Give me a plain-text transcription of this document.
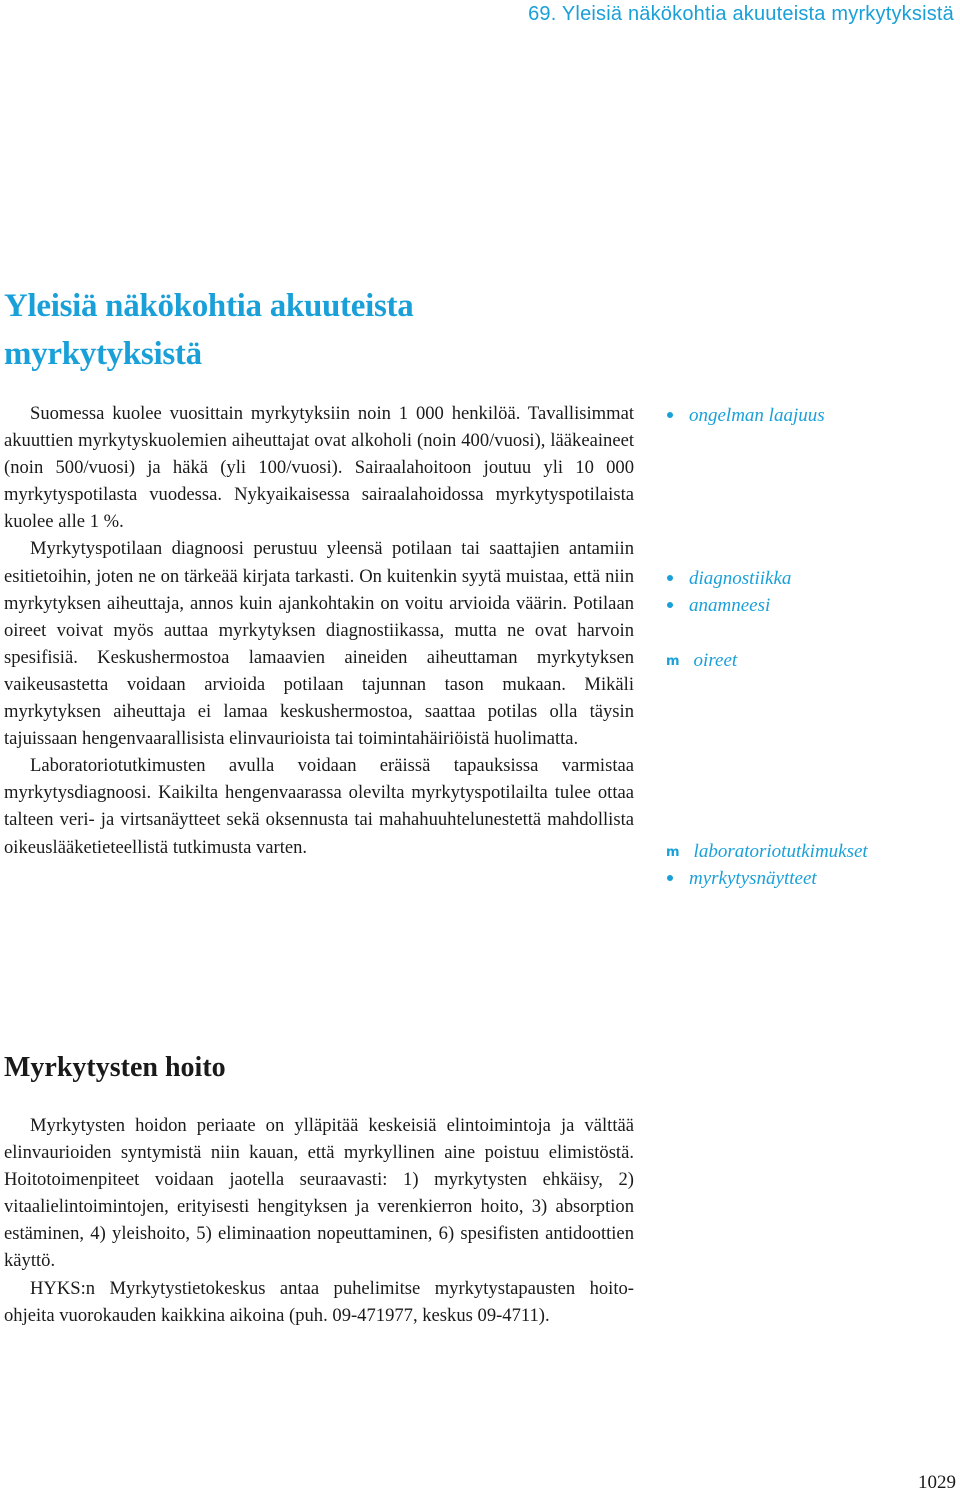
69. Yleisiä näkökohtia akuuteista myrkytyksistä
Yleisiä näkökohtia akuuteista
myrkytyksistä

Suomessa kuolee vuosittain myrkytyksiin noin 1 000 henkilöä. Tavallisimmat akuuttien myrkytyskuolemien aiheuttajat ovat alkoholi (noin 400/vuosi), lääkeaineet (noin 500/vuosi) ja häkä (yli 100/vuosi). Sairaalahoitoon joutuu yli 10 000 myrkytyspotilasta vuodessa. Nykyaikaisessa sairaalahoidossa myrkytyspotilaista kuolee alle 1 %.

Myrkytyspotilaan diagnoosi perustuu yleensä potilaan tai saattajien antamiin esitietoihin, joten ne on tärkeää kirjata tarkasti. On kuitenkin syytä muistaa, että niin myrkytyksen aiheuttaja, annos kuin ajankohtakin on voitu arvioida väärin. Potilaan oireet voivat myös auttaa myrkytyksen diagnostiikassa, mutta ne ovat harvoin spesifisiä. Keskushermostoa lamaavien aineiden aiheuttaman myrkytyksen vaikeusastetta voidaan arvioida potilaan tajunnan tason mukaan. Mikäli myrkytyksen aiheuttaja ei lamaa keskushermostoa, saattaa potilas olla täysin tajuissaan hengenvaarallisista elinvaurioista tai toimintahäiriöistä huolimatta.

Laboratoriotutkimusten avulla voidaan eräissä tapauksissa varmistaa myrkytysdiagnoosi. Kaikilta hengenvaarassa olevilta myrkytyspotilailta tulee ottaa talteen veri- ja virtsanäytteet sekä oksennusta tai mahahuuhtelunestettä mahdollista oikeuslääketieteellistä tutkimusta varten.

ongelman laajuus
diagnostiikka
anamneesi
m oireet
m laboratoriotutkimukset
myrkytysnäytteet
Myrkytysten hoito

Myrkytysten hoidon periaate on ylläpitää keskeisiä elintoimintoja ja välttää elinvaurioiden syntymistä niin kauan, että myrkyllinen aine poistuu elimistöstä. Hoitotoimenpiteet voidaan jaotella seuraavasti: 1) myrkytysten ehkäisy, 2) vitaalielintoimintojen, erityisesti hengityksen ja verenkierron hoito, 3) absorption estäminen, 4) yleishoito, 5) eliminaation nopeuttaminen, 6) spesifisten antidoottien käyttö.

HYKS:n Myrkytystietokeskus antaa puhelimitse myrkytystapausten hoito-ohjeita vuorokauden kaikkina aikoina (puh. 09-471977, keskus 09-4711).

1029
